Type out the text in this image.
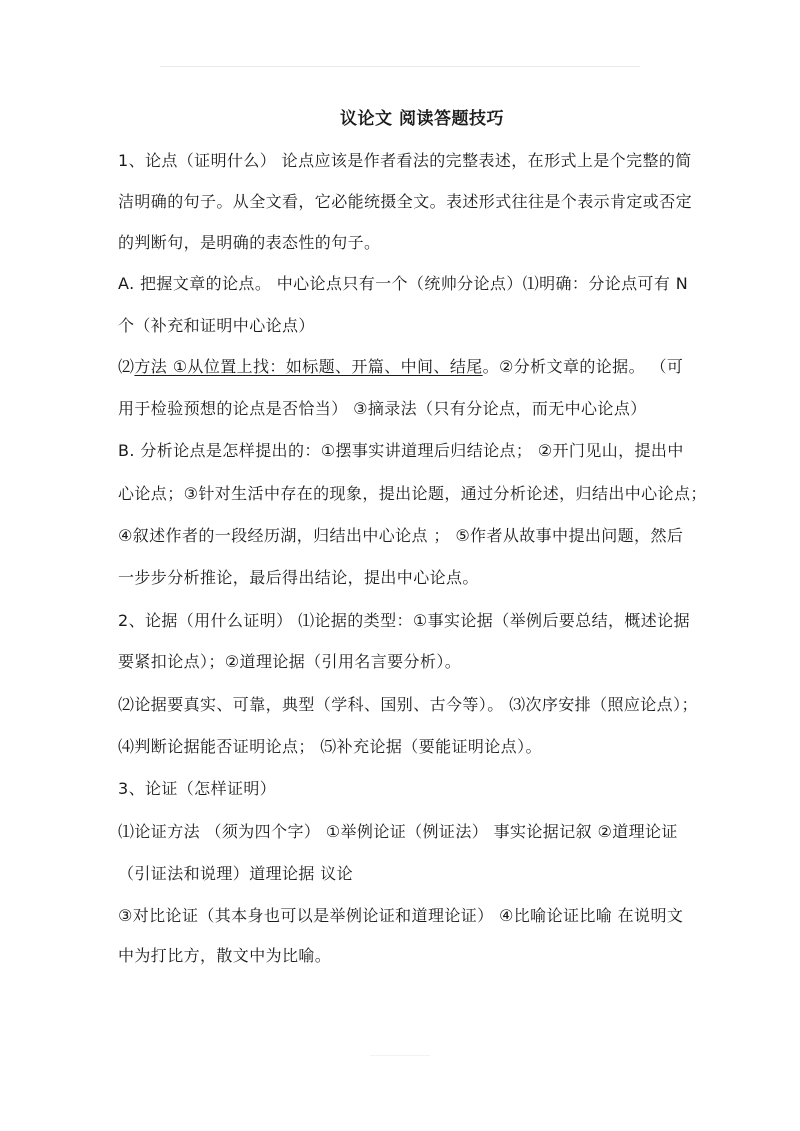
议论文 阅读答题技巧
1、论点（证明什么） 论点应该是作者看法的完整表述，在形式上是个完整的简
洁明确的句子。从全文看，它必能统摄全文。表述形式往往是个表示肯定或否定
的判断句，是明确的表态性的句子。
A. 把握文章的论点。 中心论点只有一个（统帅分论点）⑴明确：分论点可有 N
个（补充和证明中心论点）
⑵方法 ①从位置上找：如标题、开篇、中间、结尾。②分析文章的论据。 （可
用于检验预想的论点是否恰当） ③摘录法（只有分论点，而无中心论点）
B. 分析论点是怎样提出的：①摆事实讲道理后归结论点； ②开门见山，提出中
心论点；③针对生活中存在的现象，提出论题，通过分析论述，归结出中心论点；
④叙述作者的一段经历湖，归结出中心论点 ； ⑤作者从故事中提出问题，然后
一步步分析推论，最后得出结论，提出中心论点。
2、论据（用什么证明） ⑴论据的类型：①事实论据（举例后要总结，概述论据
要紧扣论点）；②道理论据（引用名言要分析）。
⑵论据要真实、可靠，典型（学科、国别、古今等）。 ⑶次序安排（照应论点）；
⑷判断论据能否证明论点； ⑸补充论据（要能证明论点）。
3、论证（怎样证明）
⑴论证方法 （须为四个字） ①举例论证（例证法） 事实论据记叙 ②道理论证
（引证法和说理）道理论据 议论
③对比论证（其本身也可以是举例论证和道理论证） ④比喻论证比喻 在说明文
中为打比方，散文中为比喻。
